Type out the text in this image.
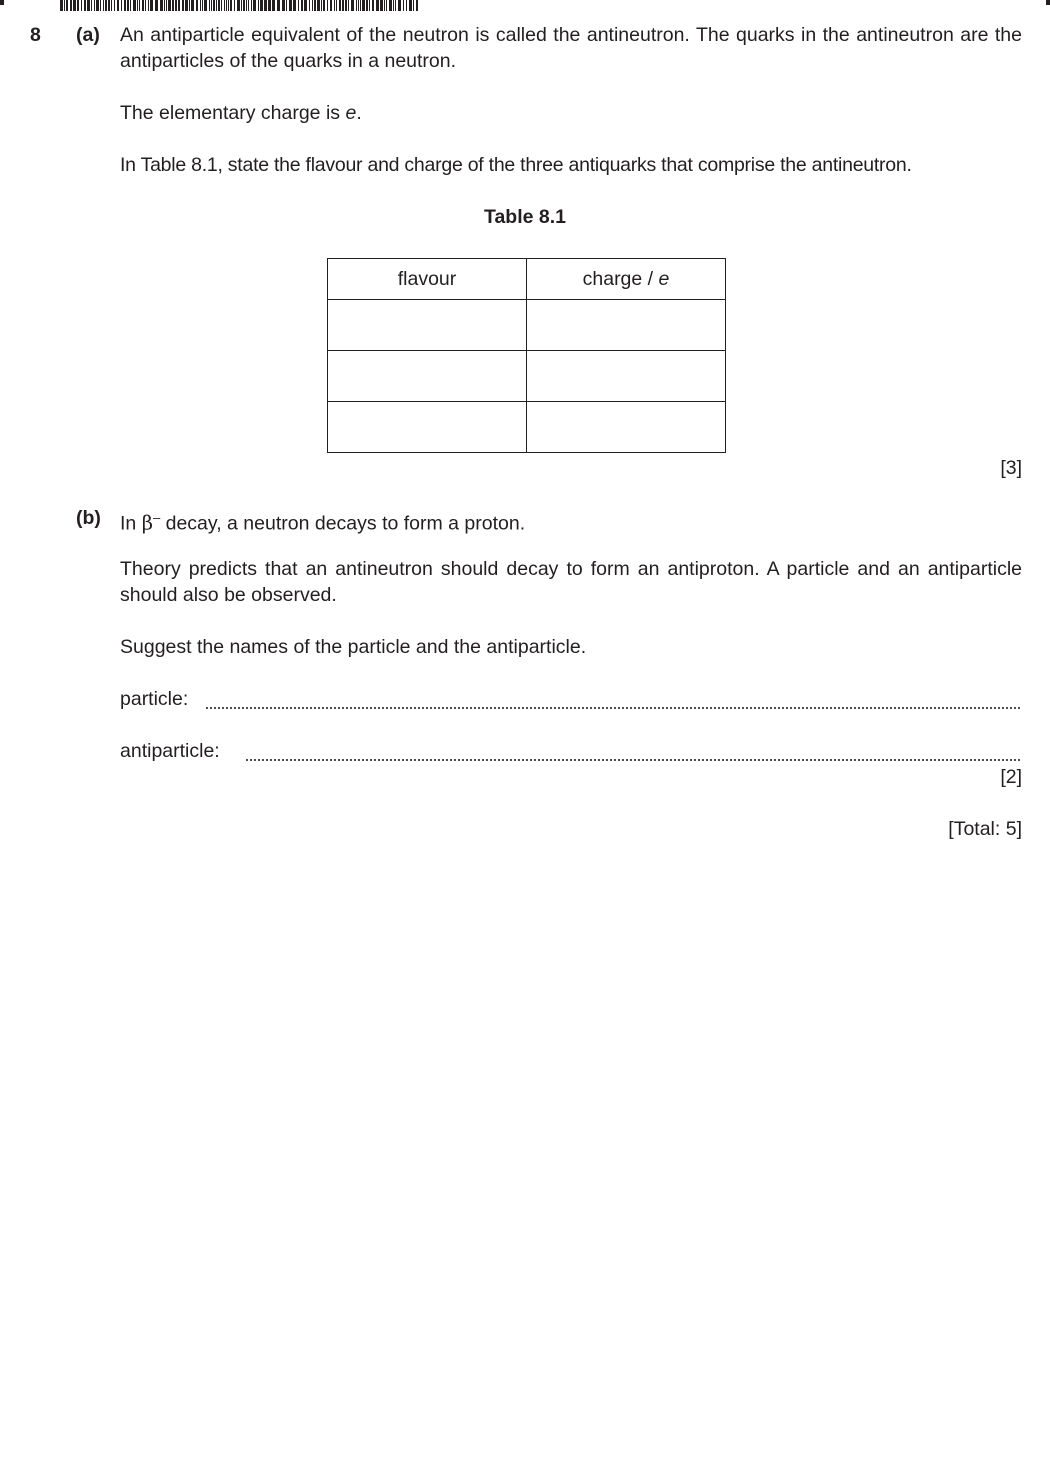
8 (a) An antiparticle equivalent of the neutron is called the antineutron. The quarks in the antineutron are the antiparticles of the quarks in a neutron.

The elementary charge is e.

In Table 8.1, state the flavour and charge of the three antiquarks that comprise the antineutron.

Table 8.1

flavour	charge / e

[3]

(b) In β– decay, a neutron decays to form a proton.

Theory predicts that an antineutron should decay to form an antiproton. A particle and an antiparticle should also be observed.

Suggest the names of the particle and the antiparticle.

particle:

antiparticle:

[2]

[Total: 5]
